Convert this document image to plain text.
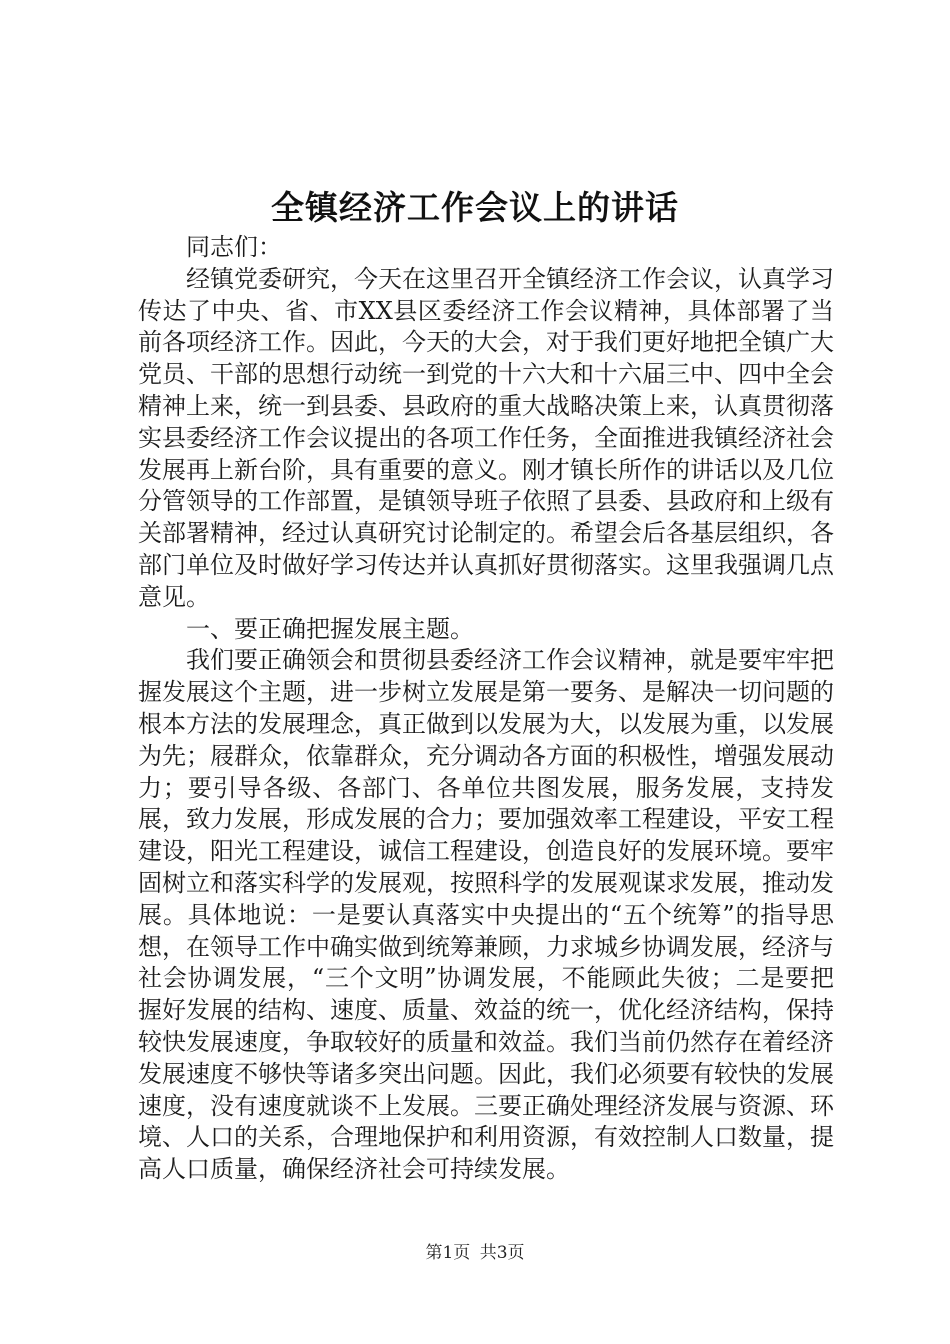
全镇经济工作会议上的讲话

同志们：

经镇党委研究，今天在这里召开全镇经济工作会议，认真学习传达了中央、省、市XX县区委经济工作会议精神，具体部署了当前各项经济工作。因此，今天的大会，对于我们更好地把全镇广大党员、干部的思想行动统一到党的十六大和十六届三中、四中全会精神上来，统一到县委、县政府的重大战略决策上来，认真贯彻落实县委经济工作会议提出的各项工作任务，全面推进我镇经济社会发展再上新台阶，具有重要的意义。刚才镇长所作的讲话以及几位分管领导的工作部置，是镇领导班子依照了县委、县政府和上级有关部署精神，经过认真研究讨论制定的。希望会后各基层组织，各部门单位及时做好学习传达并认真抓好贯彻落实。这里我强调几点意见。

一、要正确把握发展主题。

我们要正确领会和贯彻县委经济工作会议精神，就是要牢牢把握发展这个主题，进一步树立发展是第一要务、是解决一切问题的根本方法的发展理念，真正做到以发展为大，以发展为重，以发展为先；屐群众，依靠群众，充分调动各方面的积极性，增强发展动力；要引导各级、各部门、各单位共图发展，服务发展，支持发展，致力发展，形成发展的合力；要加强效率工程建设，平安工程建设，阳光工程建设，诚信工程建设，创造良好的发展环境。要牢固树立和落实科学的发展观，按照科学的发展观谋求发展，推动发展。具体地说：一是要认真落实中央提出的“五个统筹”的指导思想，在领导工作中确实做到统筹兼顾，力求城乡协调发展，经济与社会协调发展，“三个文明”协调发展，不能顾此失彼；二是要把握好发展的结构、速度、质量、效益的统一，优化经济结构，保持较快发展速度，争取较好的质量和效益。我们当前仍然存在着经济发展速度不够快等诸多突出问题。因此，我们必须要有较快的发展速度，没有速度就谈不上发展。三要正确处理经济发展与资源、环境、人口的关系，合理地保护和利用资源，有效控制人口数量，提高人口质量，确保经济社会可持续发展。

第1页 共3页
